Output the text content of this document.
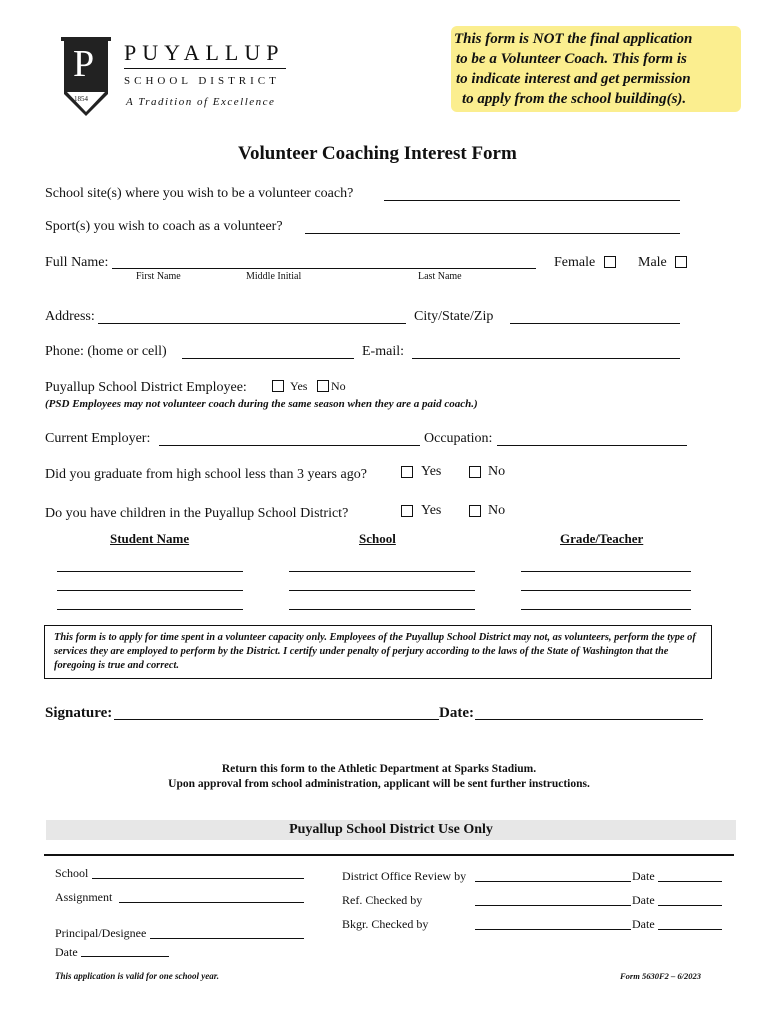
P
1854
PUYALLUP
SCHOOL DISTRICT
A Tradition of Excellence
This form is NOT the final application
to be a Volunteer Coach. This form is
to indicate interest and get permission
to apply from the school building(s).
Volunteer Coaching Interest Form
School site(s) where you wish to be a volunteer coach?
Sport(s) you wish to coach as a volunteer?
Full Name:
First Name	Middle Initial	Last Name
Female	Male
Address:	City/State/Zip
Phone: (home or cell)	E-mail:
Puyallup School District Employee:	Yes No
(PSD Employees may not volunteer coach during the same season when they are a paid coach.)
Current Employer:	Occupation:
Did you graduate from high school less than 3 years ago?	Yes	No
Do you have children in the Puyallup School District?	Yes	No
Student Name	School	Grade/Teacher
This form is to apply for time spent in a volunteer capacity only. Employees of the Puyallup School District may not, as volunteers, perform the type of services they are employed to perform by the District. I certify under penalty of perjury according to the laws of the State of Washington that the foregoing is true and correct.
Signature:	Date:
Return this form to the Athletic Department at Sparks Stadium.
Upon approval from school administration, applicant will be sent further instructions.
Puyallup School District Use Only
School
Assignment
Principal/Designee
Date
District Office Review by	Date
Ref. Checked by	Date
Bkgr. Checked by	Date
This application is valid for one school year.	Form 5630F2 – 6/2023
